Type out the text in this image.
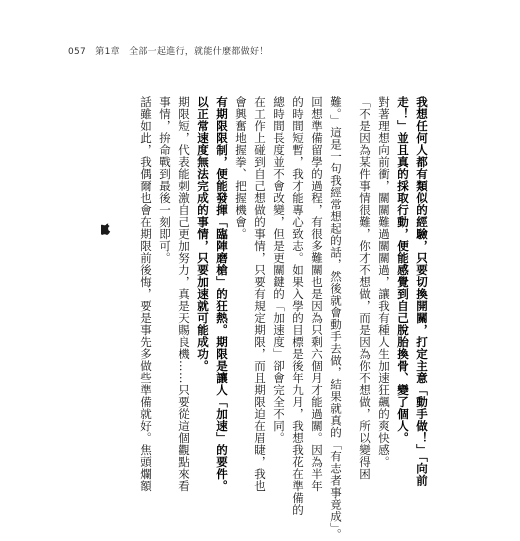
057 第1章 全部一起進行，就能什麼都做好！
我想任何人都有類似的經驗，只要切換開關，打定主意「動手做！」「向前
走！」並且真的採取行動，便能感覺到自己脫胎換骨、變了個人。
對著理想向前衝，關關難過關關過，讓我有種人生加速狂飆的爽快感。
「不是因為某件事情很難，你才不想做，而是因為你不想做，所以變得困
難。」這是一句我經常想起的話，然後就會動手去做，結果就真的「有志者事竟成」。
回想準備留學的過程，有很多難關也是因為只剩六個月才能過關。因為半年
的時間短暫，我才能專心致志。如果入學的目標是後年九月，我想我花在準備的
總時間長度並不會改變，但是更關鍵的「加速度」卻會完全不同。
在工作上碰到自己想做的事情，只要有規定期限，而且期限迫在眉睫，我也
會興奮地握拳、把握機會。
有期限限制，便能發揮「臨陣磨槍」的狂熱。期限是讓人「加速」的要件。
以正常速度無法完成的事情，只要加速就可能成功。
期限短，代表能刺激自己更加努力，真是天賜良機……只要從這個觀點來看
事情，拚命戰到最後一刻即可。
話雖如此，我偶爾也會在期限前後悔，要是事先多做些準備就好。焦頭爛額
